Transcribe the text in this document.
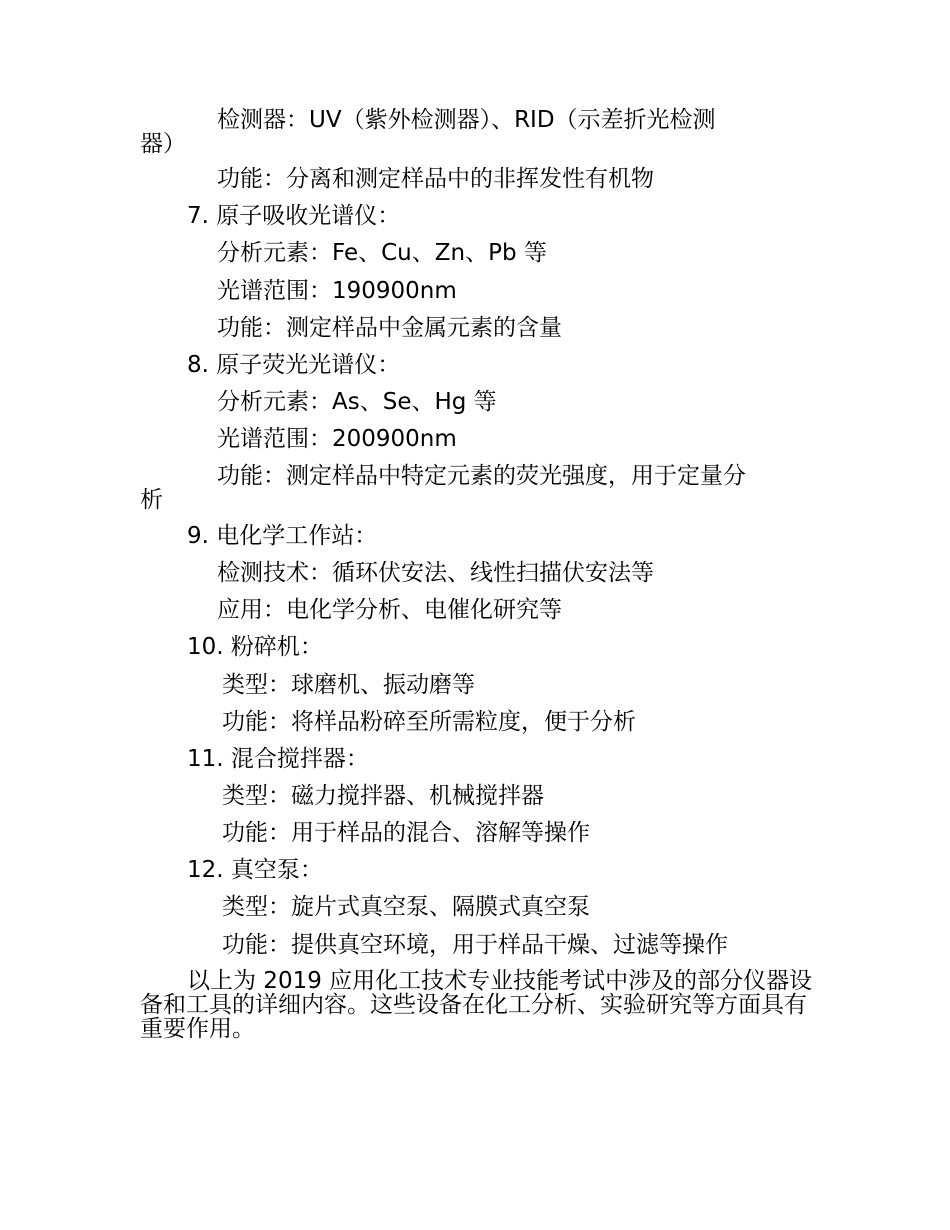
检测器：UV（紫外检测器）、RID（示差折光检测

器）

功能：分离和测定样品中的非挥发性有机物

7. 原子吸收光谱仪：

分析元素：Fe、Cu、Zn、Pb 等

光谱范围：190900nm

功能：测定样品中金属元素的含量

8. 原子荧光光谱仪：

分析元素：As、Se、Hg 等

光谱范围：200900nm

功能：测定样品中特定元素的荧光强度，用于定量分

析

9. 电化学工作站：

检测技术：循环伏安法、线性扫描伏安法等

应用：电化学分析、电催化研究等

10. 粉碎机：

类型：球磨机、振动磨等

功能：将样品粉碎至所需粒度，便于分析

11. 混合搅拌器：

类型：磁力搅拌器、机械搅拌器

功能：用于样品的混合、溶解等操作

12. 真空泵：

类型：旋片式真空泵、隔膜式真空泵

功能：提供真空环境，用于样品干燥、过滤等操作

以上为 2019 应用化工技术专业技能考试中涉及的部分仪器设备和工具的详细内容。这些设备在化工分析、实验研究等方面具有重要作用。
